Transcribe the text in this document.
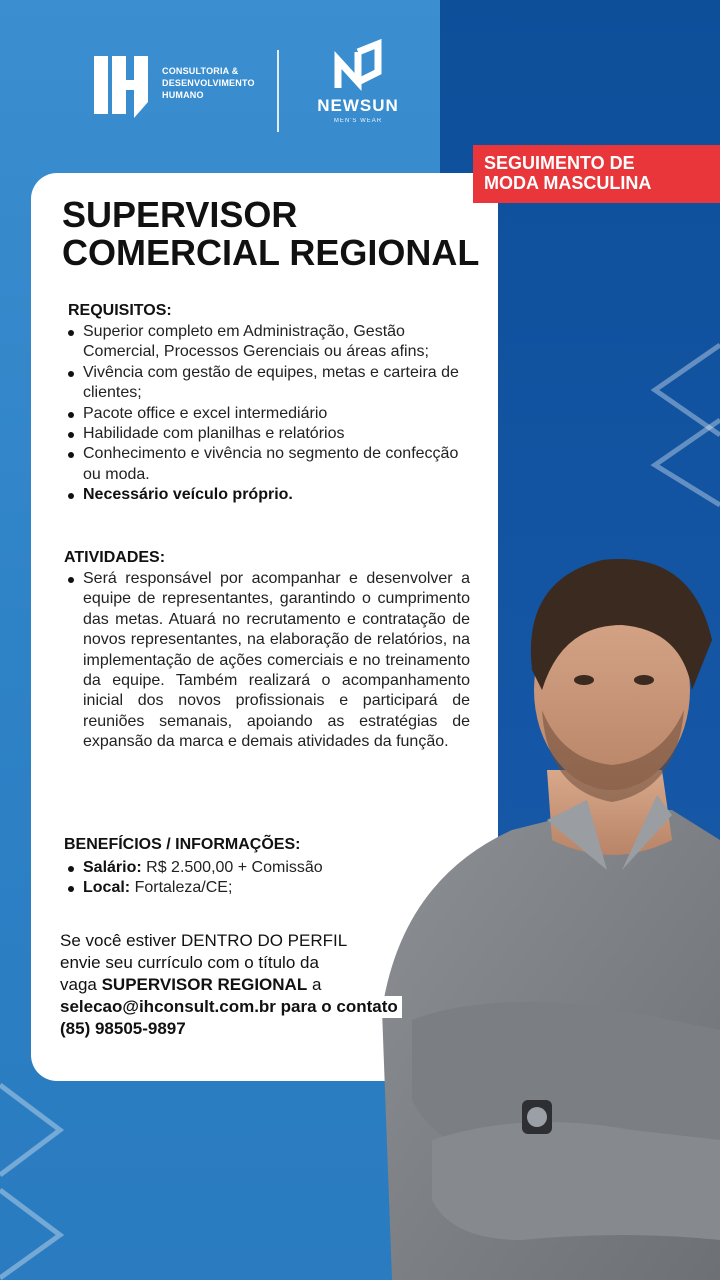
CONSULTORIA &
DESENVOLVIMENTO
HUMANO
NEWSUN
MEN'S WEAR
SEGUIMENTO DE
MODA MASCULINA
SUPERVISOR
COMERCIAL REGIONAL
REQUISITOS:
Superior completo em Administração, Gestão Comercial, Processos Gerenciais ou áreas afins;
Vivência com gestão de equipes, metas e carteira de clientes;
Pacote office e excel intermediário
Habilidade com planilhas e relatórios
Conhecimento e vivência no segmento de confecção ou moda.
Necessário veículo próprio.
ATIVIDADES:
Será responsável por acompanhar e desenvolver a equipe de representantes, garantindo o cumprimento das metas. Atuará no recrutamento e contratação de novos representantes, na elaboração de relatórios, na implementação de ações comerciais e no treinamento da equipe. Também realizará o acompanhamento inicial dos novos profissionais e participará de reuniões semanais, apoiando as estratégias de expansão da marca e demais atividades da função.
BENEFÍCIOS / INFORMAÇÕES:
Salário: R$ 2.500,00 + Comissão
Local: Fortaleza/CE;
Se você estiver DENTRO DO PERFIL
envie seu currículo com o título da
vaga SUPERVISOR REGIONAL a
selecao@ihconsult.com.br para o contato
(85) 98505-9897
